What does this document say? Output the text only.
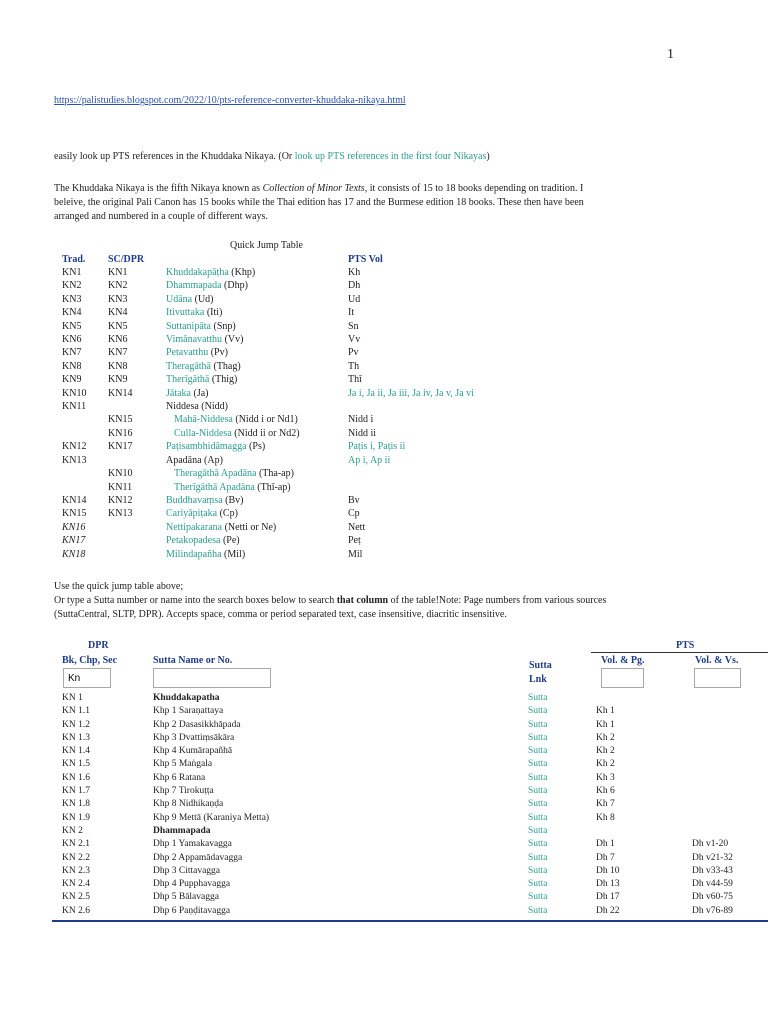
1
https://palistudies.blogspot.com/2022/10/pts-reference-converter-khuddaka-nikaya.html

easily look up PTS references in the Khuddaka Nikaya. (Or look up PTS references in the first four Nikayas)

The Khuddaka Nikaya is the fifth Nikaya known as Collection of Minor Texts, it consists of 15 to 18 books depending on tradition. I

beleive, the original Pali Canon has 15 books while the Thai edition has 17 and the Burmese edition 18 books. These then have been

arranged and numbered in a couple of different ways.

Quick Jump Table
Trad.	SC/DPR		PTS Vol
KN1	KN1	Khuddakapāṭha (Khp)	Kh
KN2	KN2	Dhammapada (Dhp)	Dh
KN3	KN3	Udāna (Ud)	Ud
KN4	KN4	Itivuttaka (Iti)	It
KN5	KN5	Suttanipāta (Snp)	Sn
KN6	KN6	Vimānavatthu (Vv)	Vv
KN7	KN7	Petavatthu (Pv)	Pv
KN8	KN8	Theragāthā (Thag)	Th
KN9	KN9	Therīgāthā (Thig)	Thī
KN10	KN14	Jātaka (Ja)	Ja i, Ja ii, Ja iii, Ja iv, Ja v, Ja vi
KN11		Niddesa (Nidd)	
	KN15	Mahā-Niddesa (Nidd i or Nd1)	Nidd i
	KN16	Culla-Niddesa (Nidd ii or Nd2)	Nidd ii
KN12	KN17	Paṭisambhidāmagga (Ps)	Paṭis i, Paṭis ii
KN13		Apadāna (Ap)	Ap i, Ap ii
	KN10	Theragāthā Apadāna (Tha-ap)	
	KN11	Therīgāthā Apadāna (Thī-ap)	
KN14	KN12	Buddhavaṃsa (Bv)	Bv
KN15	KN13	Cariyāpiṭaka (Cp)	Cp
KN16		Nettipakarana (Netti or Ne)	Nett
KN17		Petakopadesa (Pe)	Peṭ
KN18		Milindapañha (Mil)	Mil
Use the quick jump table above;
Or type a Sutta number or name into the search boxes below to search that column of the table!Note: Page numbers from various sources
(SuttaCentral, SLTP, DPR). Accepts space, comma or period separated text, case insensitive, diacritic insensitive.
DPR
Bk, Chp, Sec	Sutta Name or No.	Sutta
Lnk
PTS
Vol. & Pg.	Vol. & Vs.
Kn
KN 1	Khuddakapatha	Sutta		
KN 1.1	Khp 1 Saraṇattaya	Sutta	Kh 1	
KN 1.2	Khp 2 Dasasikkhāpada	Sutta	Kh 1	
KN 1.3	Khp 3 Dvattiṃsākāra	Sutta	Kh 2	
KN 1.4	Khp 4 Kumārapañhā	Sutta	Kh 2	
KN 1.5	Khp 5 Maṅgala	Sutta	Kh 2	
KN 1.6	Khp 6 Ratana	Sutta	Kh 3	
KN 1.7	Khp 7 Tirokuṭṭa	Sutta	Kh 6	
KN 1.8	Khp 8 Nidhikaṇḍa	Sutta	Kh 7	
KN 1.9	Khp 9 Mettā (Karaniya Metta)	Sutta	Kh 8	
KN 2	Dhammapada	Sutta		
KN 2.1	Dhp 1 Yamakavagga	Sutta	Dh 1	Dh v1-20
KN 2.2	Dhp 2 Appamādavagga	Sutta	Dh 7	Dh v21-32
KN 2.3	Dhp 3 Cittavagga	Sutta	Dh 10	Dh v33-43
KN 2.4	Dhp 4 Pupphavagga	Sutta	Dh 13	Dh v44-59
KN 2.5	Dhp 5 Bālavagga	Sutta	Dh 17	Dh v60-75
KN 2.6	Dhp 6 Paṇḍitavagga	Sutta	Dh 22	Dh v76-89
